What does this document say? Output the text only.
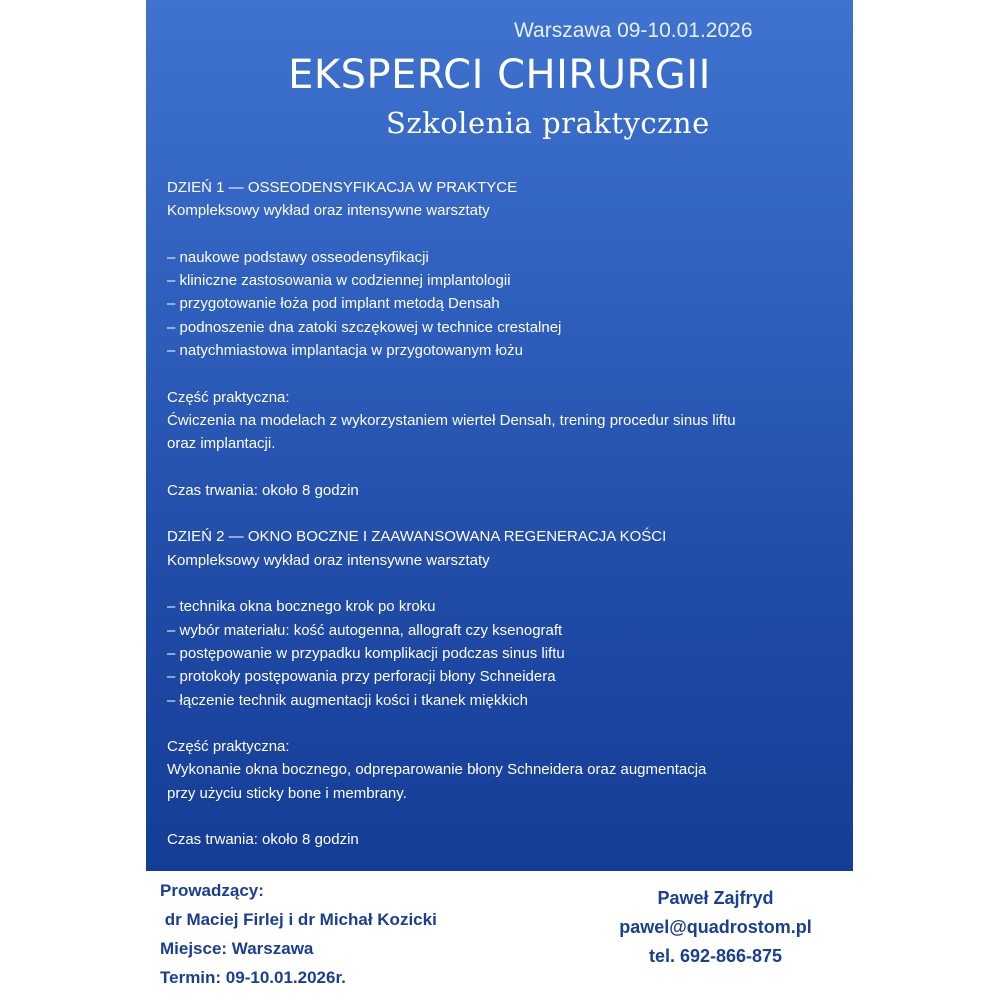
Warszawa 09-10.01.2026
EKSPERCI CHIRURGII
Szkolenia praktyczne
DZIEŃ 1 — OSSEODENSYFIKACJA W PRAKTYCE
Kompleksowy wykład oraz intensywne warsztaty
– naukowe podstawy osseodensyfikacji
– kliniczne zastosowania w codziennej implantologii
– przygotowanie łoża pod implant metodą Densah
– podnoszenie dna zatoki szczękowej w technice crestalnej
– natychmiastowa implantacja w przygotowanym łożu
Część praktyczna:
Ćwiczenia na modelach z wykorzystaniem wierteł Densah, trening procedur sinus liftu
oraz implantacji.
Czas trwania: około 8 godzin
DZIEŃ 2 — OKNO BOCZNE I ZAAWANSOWANA REGENERACJA KOŚCI
Kompleksowy wykład oraz intensywne warsztaty
– technika okna bocznego krok po kroku
– wybór materiału: kość autogenna, allograft czy ksenograft
– postępowanie w przypadku komplikacji podczas sinus liftu
– protokoły postępowania przy perforacji błony Schneidera
– łączenie technik augmentacji kości i tkanek miękkich
Część praktyczna:
Wykonanie okna bocznego, odpreparowanie błony Schneidera oraz augmentacja
przy użyciu sticky bone i membrany.
Czas trwania: około 8 godzin
Prowadzący:
dr Maciej Firlej i dr Michał Kozicki
Miejsce: Warszawa
Termin: 09-10.01.2026r.
Paweł Zajfryd
pawel@quadrostom.pl
tel. 692-866-875
